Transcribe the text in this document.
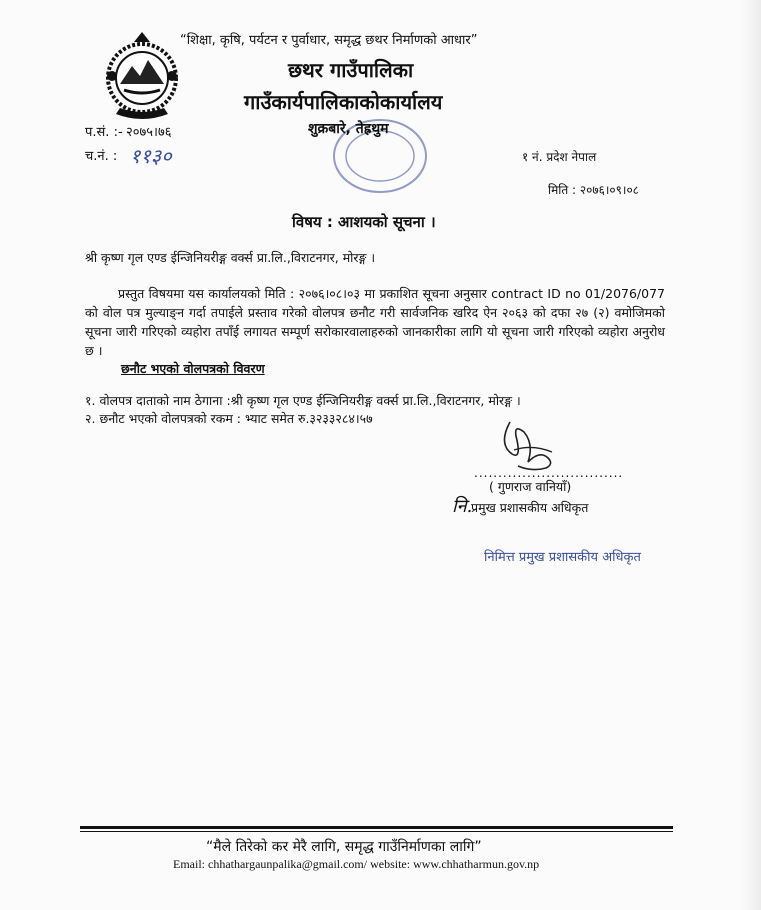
“शिक्षा, कृषि, पर्यटन र पुर्वाधार, समृद्ध छथर निर्माणको आधार”
छथर गाउँपालिका
गाउँकार्यपालिकाकोकार्यालय
प.सं. :- २०७५।७६
च.नं. : ११३०
शुक्रबारे, तेह्रथुम
१ नं. प्रदेश नेपाल
मिति : २०७६।०९।०८
विषय : आशयको सूचना ।
श्री कृष्ण गृल एण्ड ईन्जिनियरीङ्ग वर्क्स प्रा.लि.,विराटनगर, मोरङ्ग ।
प्रस्तुत विषयमा यस कार्यालयको मिति : २०७६।०८।०३ मा प्रकाशित सूचना अनुसार contract ID no 01/2076/077 को वोल पत्र मुल्याङ्न गर्दा तपाईले प्रस्ताव गरेको वोलपत्र छनौट गरी सार्वजनिक खरिद ऐन २०६३ को दफा २७ (२) वमोजिमको सूचना जारी गरिएको व्यहोरा तपाँई लगायत सम्पूर्ण सरोकारवालाहरुको जानकारीका लागि यो सूचना जारी गरिएको व्यहोरा अनुरोध छ ।
छनौट भएको वोलपत्रको विवरण
१. वोलपत्र दाताको नाम ठेगाना :श्री कृष्ण गृल एण्ड ईन्जिनियरीङ्ग वर्क्स प्रा.लि.,विराटनगर, मोरङ्ग ।
२. छनौट भएको वोलपत्रको रकम : भ्याट समेत रु.३२३३२८४।५७
...............................
( गुणराज वानियाँ)
नि.
प्रमुख प्रशासकीय अधिकृत
निमित्त प्रमुख प्रशासकीय अधिकृत
“मैले तिरेको कर मेरै लागि, समृद्ध गाउँनिर्माणका लागि”
Email: chhathargaunpalika@gmail.com/ website: www.chhatharmun.gov.np
